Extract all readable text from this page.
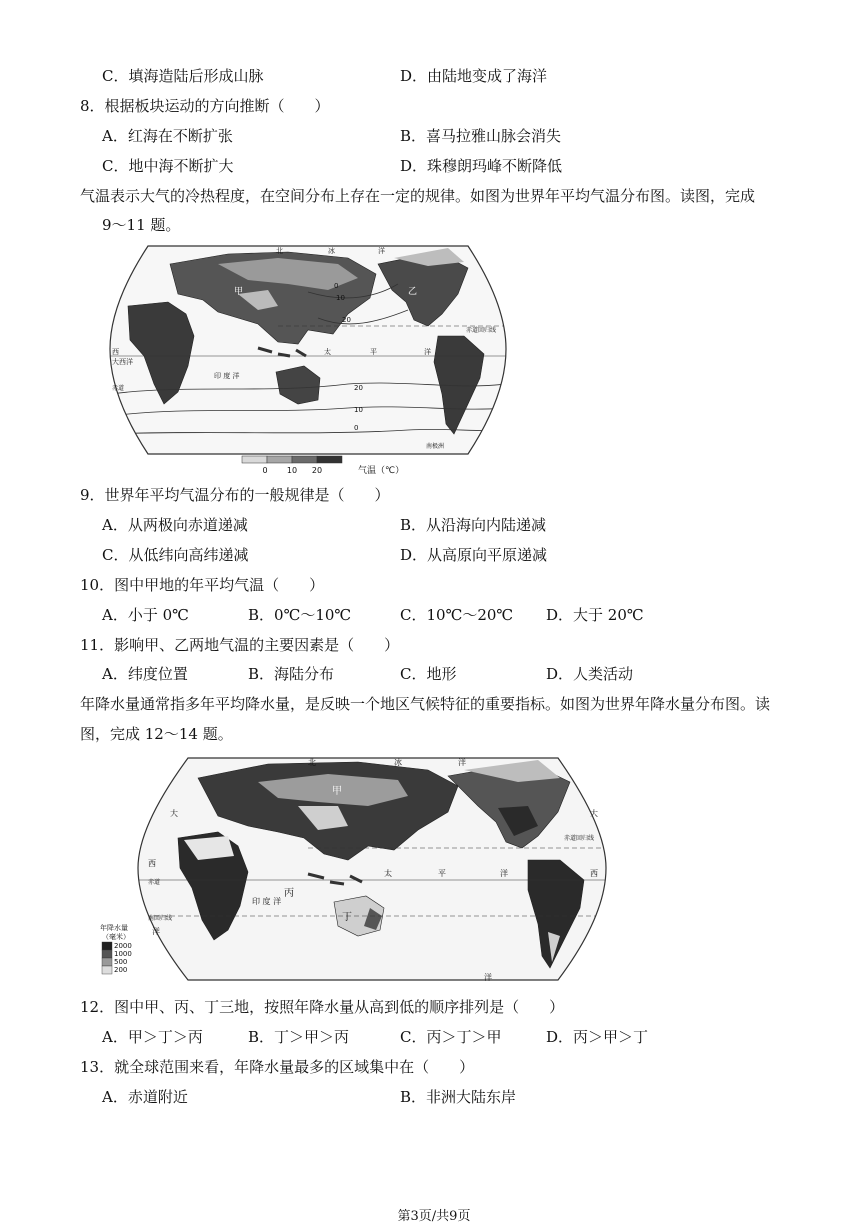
C．填海造陆后形成山脉	D．由陆地变成了海洋
8．根据板块运动的方向推断（　　）
A．红海在不断扩张	B．喜马拉雅山脉会消失
C．地中海不断扩大	D．珠穆朗玛峰不断降低
气温表示大气的冷热程度，在空间分布上存在一定的规律。如图为世界年平均气温分布图。读图，完成
9～11 题。
北	冰	洋
太	平	洋
印 度 洋
西
大西洋
赤道回归线
赤道
南极洲
0
10
20
20
10
0
甲	乙
0 10 20	气温（℃）
9．世界年平均气温分布的一般规律是（　　）
A．从两极向赤道递减	B．从沿海向内陆递减
C．从低纬向高纬递减	D．从高原向平原递减
10．图中甲地的年平均气温（　　）
A．小于 0℃	B．0℃～10℃	C．10℃～20℃ D．大于 20℃
11．影响甲、乙两地气温的主要因素是（　　）
A．纬度位置	B．海陆分布	C．地形	D．人类活动
年降水量通常指多年平均降水量，是反映一个地区气候特征的重要指标。如图为世界年降水量分布图。读
图，完成 12～14 题。
北	冰	洋
大	大
西
西
太	平	洋
印 度 洋
赤道
南回归线
赤道回归线
洋
洋
丙
丁
甲
年降水量
（毫米）
2000
1000
500
200
12．图中甲、丙、丁三地，按照年降水量从高到低的顺序排列是（　　）
A．甲＞丁＞丙	B．丁＞甲＞丙	C．丙＞丁＞甲	D．丙＞甲＞丁
13．就全球范围来看，年降水量最多的区域集中在（　　）
A．赤道附近	B．非洲大陆东岸
第3页/共9页
